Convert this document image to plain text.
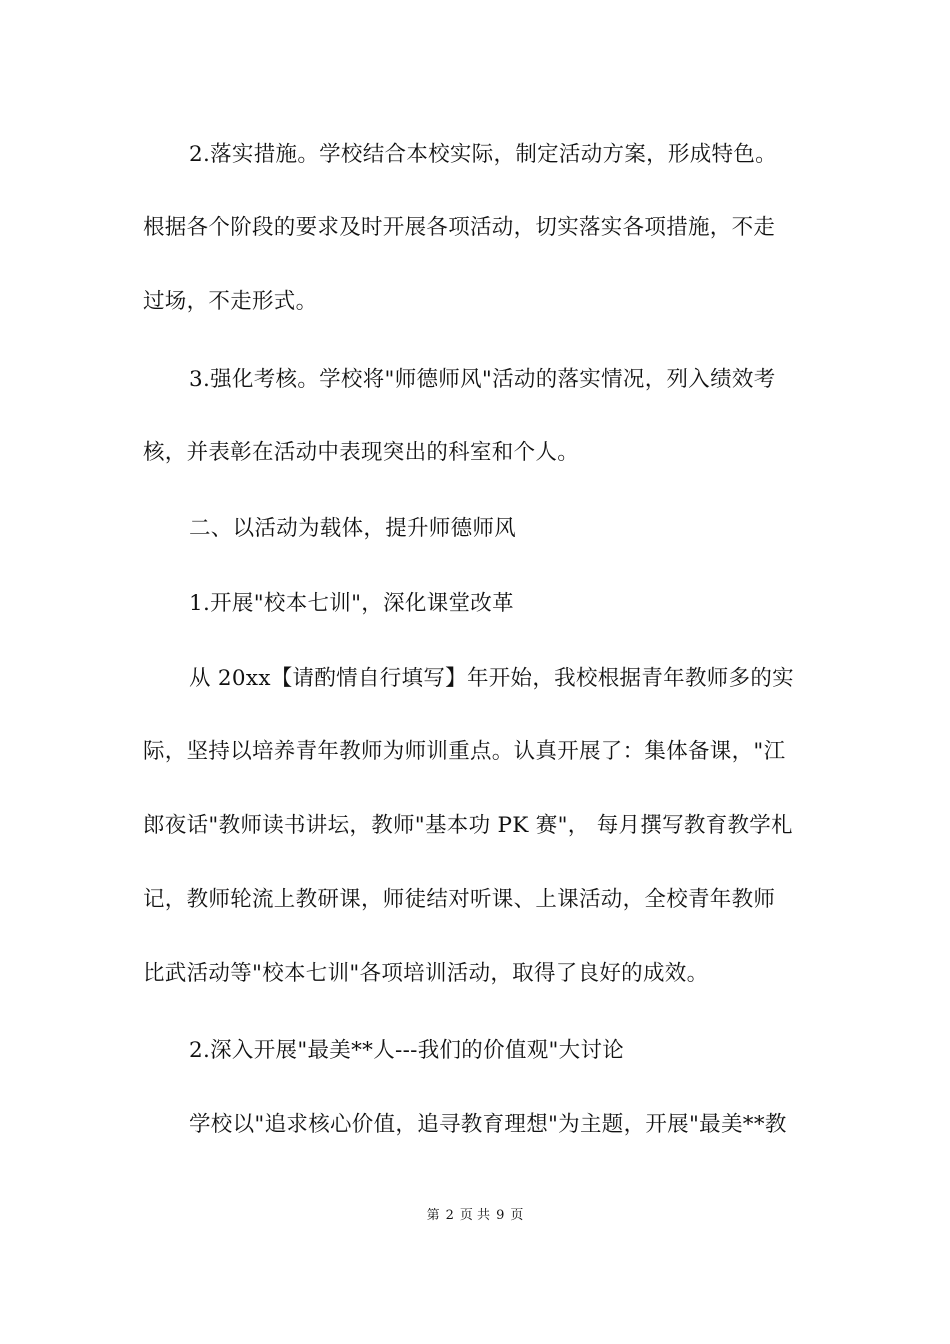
2.落实措施。学校结合本校实际，制定活动方案，形成特色。
根据各个阶段的要求及时开展各项活动，切实落实各项措施，不走
过场，不走形式。
3.强化考核。学校将"师德师风"活动的落实情况，列入绩效考
核，并表彰在活动中表现突出的科室和个人。
二、以活动为载体，提升师德师风
1.开展"校本七训"，深化课堂改革
从 20xx【请酌情自行填写】年开始，我校根据青年教师多的实
际，坚持以培养青年教师为师训重点。认真开展了：集体备课，"江
郎夜话"教师读书讲坛，教师"基本功 PK 赛"， 每月撰写教育教学札
记，教师轮流上教研课，师徒结对听课、上课活动，全校青年教师
比武活动等"校本七训"各项培训活动，取得了良好的成效。
2.深入开展"最美**人---我们的价值观"大讨论
学校以"追求核心价值，追寻教育理想"为主题，开展"最美**教
第 2 页 共 9 页
